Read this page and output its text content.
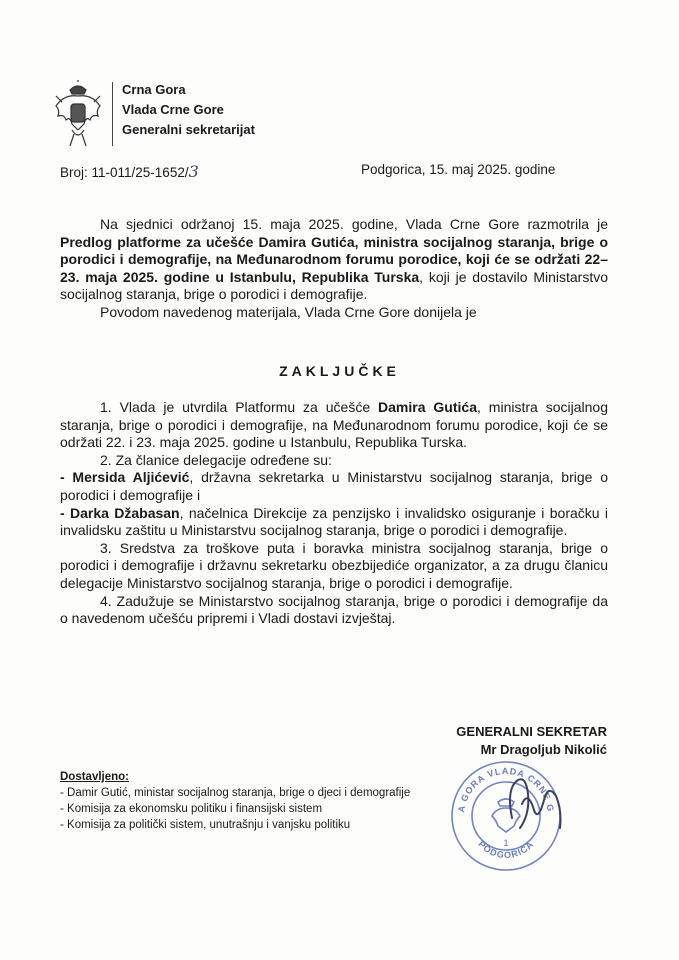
Crna Gora
Vlada Crne Gore
Generalni sekretarijat
Broj: 11-011/25-1652/3	Podgorica, 15. maj 2025. godine

Na sjednici održanoj 15. maja 2025. godine, Vlada Crne Gore razmotrila je Predlog platforme za učešće Damira Gutića, ministra socijalnog staranja, brige o porodici i demografije, na Međunarodnom forumu porodice, koji će se održati 22–23. maja 2025. godine u Istanbulu, Republika Turska, koji je dostavilo Ministarstvo socijalnog staranja, brige o porodici i demografije.

Povodom navedenog materijala, Vlada Crne Gore donijela je

ZAKLJUČKE

1. Vlada je utvrdila Platformu za učešće Damira Gutića, ministra socijalnog staranja, brige o porodici i demografije, na Međunarodnom forumu porodice, koji će se održati 22. i 23. maja 2025. godine u Istanbulu, Republika Turska.

2. Za članice delegacije određene su:

- Mersida Aljićević, državna sekretarka u Ministarstvu socijalnog staranja, brige o porodici i demografije i

- Darka Džabasan, načelnica Direkcije za penzijsko i invalidsko osiguranje i boračku i invalidsku zaštitu u Ministarstvu socijalnog staranja, brige o porodici i demografije.

3. Sredstva za troškove puta i boravka ministra socijalnog staranja, brige o porodici i demografije i državnu sekretarku obezbijediće organizator, a za drugu članicu delegacije Ministarstvo socijalnog staranja, brige o porodici i demografije.

4. Zadužuje se Ministarstvo socijalnog staranja, brige o porodici i demografije da o navedenom učešću pripremi i Vladi dostavi izvještaj.

GENERALNI SEKRETAR
Mr Dragoljub Nikolić
Dostavljeno:
- Damir Gutić, ministar socijalnog staranja, brige o djeci i demografije
- Komisija za ekonomsku politiku i finansijski sistem
- Komisija za politički sistem, unutrašnju i vanjsku politiku
A GORA VLADA CRNE G
PODGORICA
1
